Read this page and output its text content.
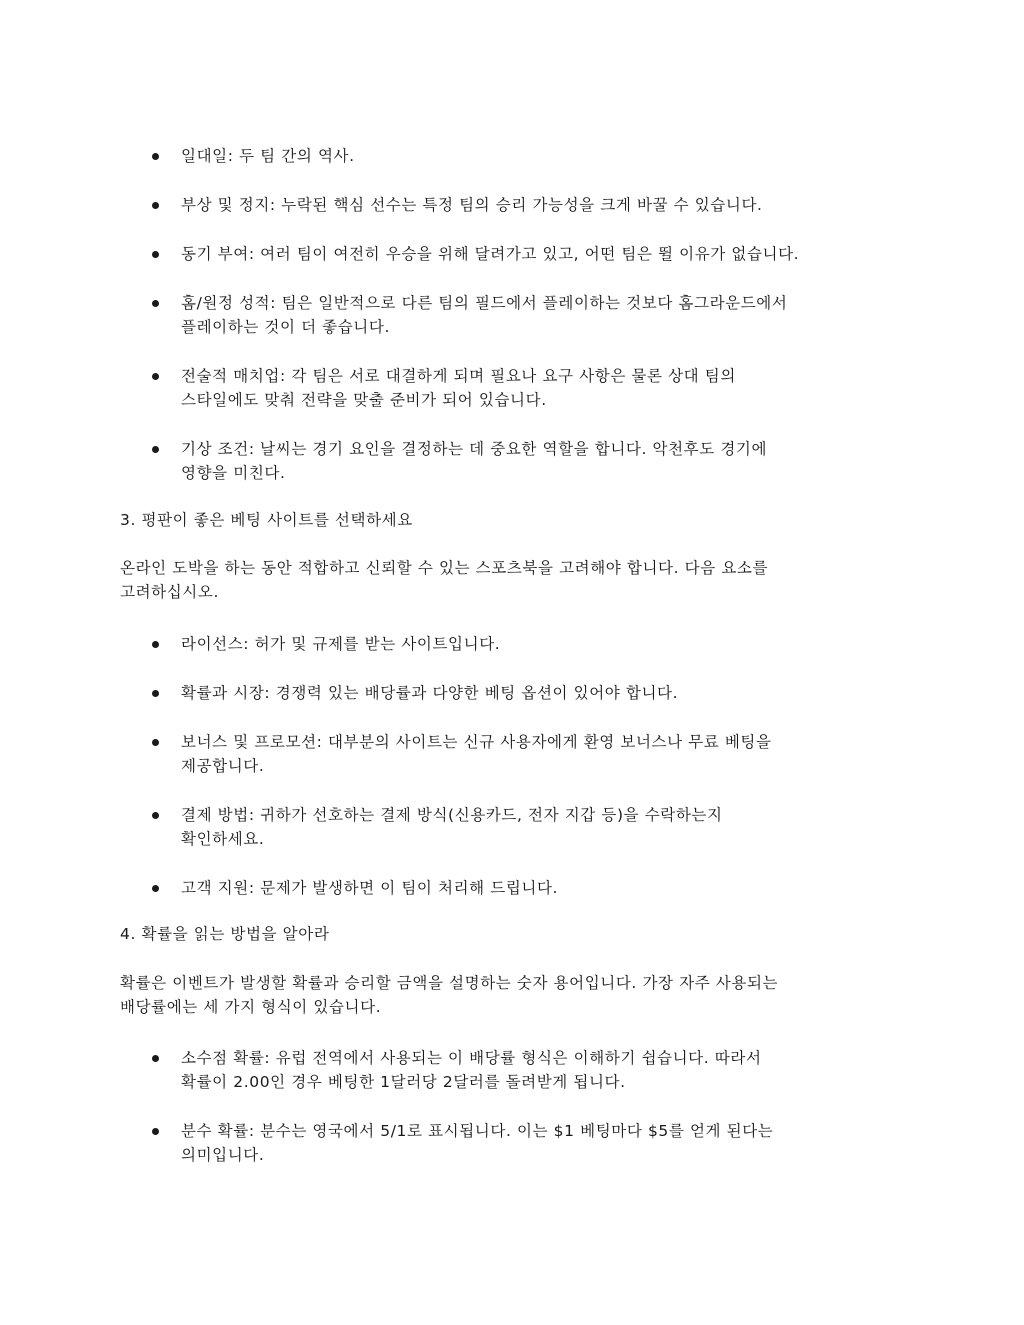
일대일: 두 팀 간의 역사.
부상 및 정지: 누락된 핵심 선수는 특정 팀의 승리 가능성을 크게 바꿀 수 있습니다.
동기 부여: 여러 팀이 여전히 우승을 위해 달려가고 있고, 어떤 팀은 뛸 이유가 없습니다.
홈/원정 성적: 팀은 일반적으로 다른 팀의 필드에서 플레이하는 것보다 홈그라운드에서
플레이하는 것이 더 좋습니다.
전술적 매치업: 각 팀은 서로 대결하게 되며 필요나 요구 사항은 물론 상대 팀의
스타일에도 맞춰 전략을 맞출 준비가 되어 있습니다.
기상 조건: 날씨는 경기 요인을 결정하는 데 중요한 역할을 합니다. 악천후도 경기에
영향을 미친다.
3. 평판이 좋은 베팅 사이트를 선택하세요
온라인 도박을 하는 동안 적합하고 신뢰할 수 있는 스포츠북을 고려해야 합니다. 다음 요소를
고려하십시오.
라이선스: 허가 및 규제를 받는 사이트입니다.
확률과 시장: 경쟁력 있는 배당률과 다양한 베팅 옵션이 있어야 합니다.
보너스 및 프로모션: 대부분의 사이트는 신규 사용자에게 환영 보너스나 무료 베팅을
제공합니다.
결제 방법: 귀하가 선호하는 결제 방식(신용카드, 전자 지갑 등)을 수락하는지
확인하세요.
고객 지원: 문제가 발생하면 이 팀이 처리해 드립니다.
4. 확률을 읽는 방법을 알아라
확률은 이벤트가 발생할 확률과 승리할 금액을 설명하는 숫자 용어입니다. 가장 자주 사용되는
배당률에는 세 가지 형식이 있습니다.
소수점 확률: 유럽 전역에서 사용되는 이 배당률 형식은 이해하기 쉽습니다. 따라서
확률이 2.00인 경우 베팅한 1달러당 2달러를 돌려받게 됩니다.
분수 확률: 분수는 영국에서 5/1로 표시됩니다. 이는 $1 베팅마다 $5를 얻게 된다는
의미입니다.
